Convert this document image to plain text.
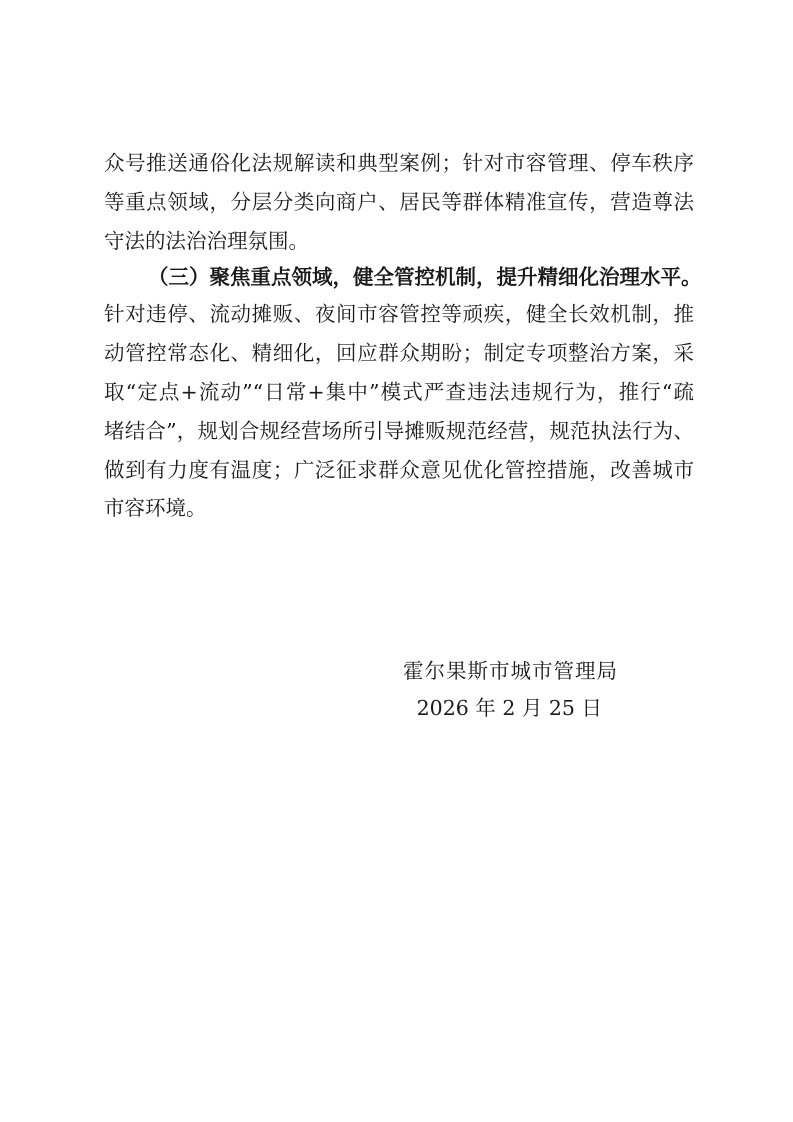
众号推送通俗化法规解读和典型案例；针对市容管理、停车秩序
等重点领域，分层分类向商户、居民等群体精准宣传，营造尊法
守法的法治治理氛围。
（三）聚焦重点领域，健全管控机制，提升精细化治理水平。
针对违停、流动摊贩、夜间市容管控等顽疾，健全长效机制，推
动管控常态化、精细化，回应群众期盼；制定专项整治方案，采
取“定点+流动”“日常+集中”模式严查违法违规行为，推行“疏
堵结合”，规划合规经营场所引导摊贩规范经营，规范执法行为、
做到有力度有温度；广泛征求群众意见优化管控措施，改善城市
市容环境。
霍尔果斯市城市管理局
2026 年 2 月 25 日
